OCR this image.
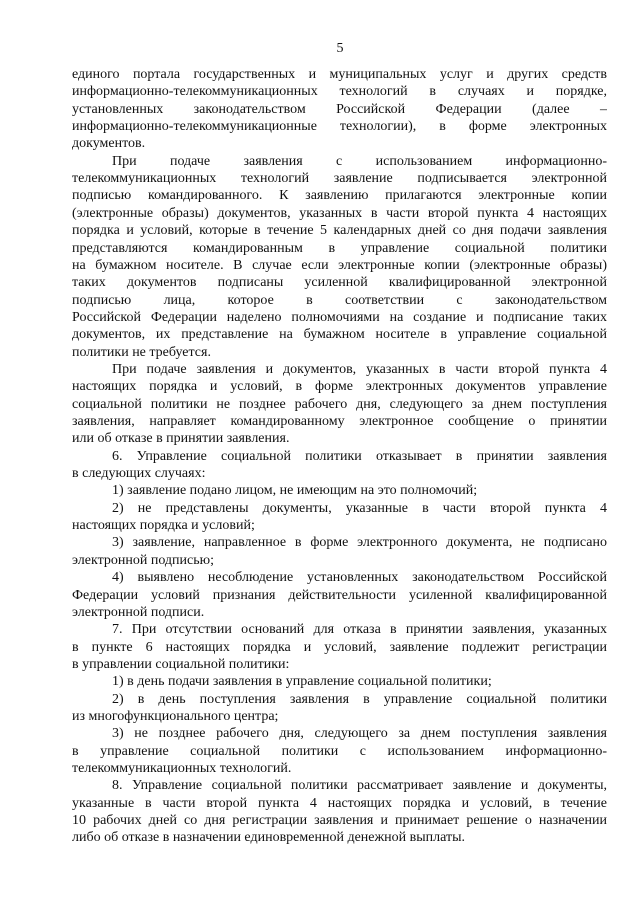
5
единого портала государственных и муниципальных услуг и других средств
информационно-телекоммуникационных технологий в случаях и порядке,
установленных законодательством Российской Федерации (далее –
информационно-телекоммуникационные технологии), в форме электронных
документов.
При подаче заявления с использованием информационно-
телекоммуникационных технологий заявление подписывается электронной
подписью командированного. К заявлению прилагаются электронные копии
(электронные образы) документов, указанных в части второй пункта 4 настоящих
порядка и условий, которые в течение 5 календарных дней со дня подачи заявления
представляются командированным в управление социальной политики
на бумажном носителе. В случае если электронные копии (электронные образы)
таких документов подписаны усиленной квалифицированной электронной
подписью лица, которое в соответствии с законодательством
Российской Федерации наделено полномочиями на создание и подписание таких
документов, их представление на бумажном носителе в управление социальной
политики не требуется.
При подаче заявления и документов, указанных в части второй пункта 4
настоящих порядка и условий, в форме электронных документов управление
социальной политики не позднее рабочего дня, следующего за днем поступления
заявления, направляет командированному электронное сообщение о принятии
или об отказе в принятии заявления.
6. Управление социальной политики отказывает в принятии заявления
в следующих случаях:
1) заявление подано лицом, не имеющим на это полномочий;
2) не представлены документы, указанные в части второй пункта 4
настоящих порядка и условий;
3) заявление, направленное в форме электронного документа, не подписано
электронной подписью;
4) выявлено несоблюдение установленных законодательством Российской
Федерации условий признания действительности усиленной квалифицированной
электронной подписи.
7. При отсутствии оснований для отказа в принятии заявления, указанных
в пункте 6 настоящих порядка и условий, заявление подлежит регистрации
в управлении социальной политики:
1) в день подачи заявления в управление социальной политики;
2) в день поступления заявления в управление социальной политики
из многофункционального центра;
3) не позднее рабочего дня, следующего за днем поступления заявления
в управление социальной политики с использованием информационно-
телекоммуникационных технологий.
8. Управление социальной политики рассматривает заявление и документы,
указанные в части второй пункта 4 настоящих порядка и условий, в течение
10 рабочих дней со дня регистрации заявления и принимает решение о назначении
либо об отказе в назначении единовременной денежной выплаты.
